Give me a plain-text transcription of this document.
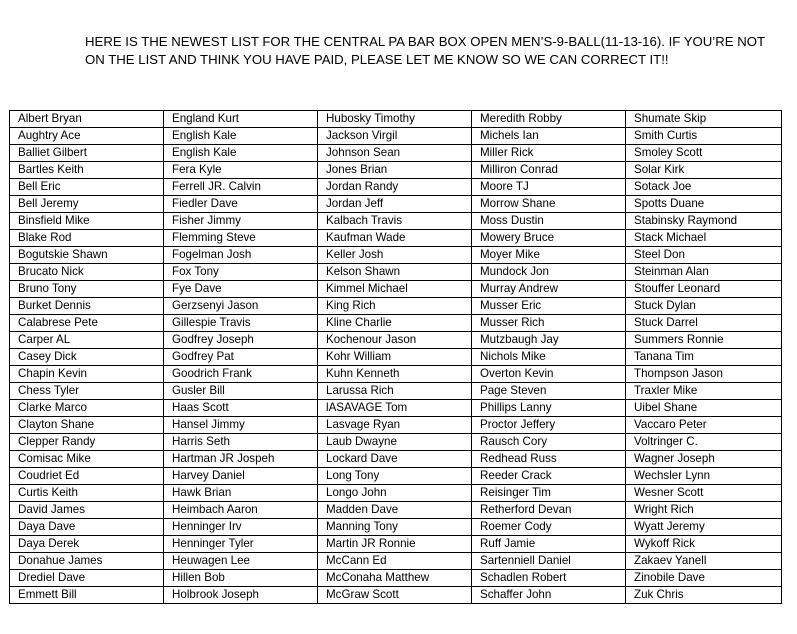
HERE IS THE NEWEST LIST FOR THE CENTRAL PA BAR BOX OPEN MEN’S-9-BALL(11-13-16). IF YOU’RE NOT
ON THE LIST AND THINK YOU HAVE PAID, PLEASE LET ME KNOW SO WE CAN CORRECT IT!!
Albert Bryan	England Kurt	Hubosky Timothy	Meredith Robby	Shumate Skip
Aughtry Ace	English Kale	Jackson Virgil	Michels Ian	Smith Curtis
Balliet Gilbert	English Kale	Johnson Sean	Miller Rick	Smoley Scott
Bartles Keith	Fera Kyle	Jones Brian	Milliron Conrad	Solar Kirk
Bell Eric	Ferrell JR. Calvin	Jordan Randy	Moore TJ	Sotack Joe
Bell Jeremy	Fiedler Dave	Jordan Jeff	Morrow Shane	Spotts Duane
Binsfield Mike	Fisher Jimmy	Kalbach Travis	Moss Dustin	Stabinsky Raymond
Blake Rod	Flemming Steve	Kaufman Wade	Mowery Bruce	Stack Michael
Bogutskie Shawn	Fogelman Josh	Keller Josh	Moyer Mike	Steel Don
Brucato Nick	Fox Tony	Kelson Shawn	Mundock Jon	Steinman Alan
Bruno Tony	Fye Dave	Kimmel Michael	Murray Andrew	Stouffer Leonard
Burket Dennis	Gerzsenyi Jason	King Rich	Musser Eric	Stuck Dylan
Calabrese Pete	Gillespie Travis	Kline Charlie	Musser Rich	Stuck Darrel
Carper AL	Godfrey Joseph	Kochenour Jason	Mutzbaugh Jay	Summers Ronnie
Casey Dick	Godfrey Pat	Kohr William	Nichols Mike	Tanana Tim
Chapin Kevin	Goodrich Frank	Kuhn Kenneth	Overton Kevin	Thompson Jason
Chess Tyler	Gusler Bill	Larussa Rich	Page Steven	Traxler Mike
Clarke Marco	Haas Scott	lASAVAGE Tom	Phillips Lanny	Uibel Shane
Clayton Shane	Hansel Jimmy	Lasvage Ryan	Proctor Jeffery	Vaccaro Peter
Clepper Randy	Harris Seth	Laub Dwayne	Rausch Cory	Voltringer C.
Comisac Mike	Hartman JR Jospeh	Lockard Dave	Redhead Russ	Wagner Joseph
Coudriet Ed	Harvey Daniel	Long Tony	Reeder Crack	Wechsler Lynn
Curtis Keith	Hawk Brian	Longo John	Reisinger Tim	Wesner Scott
David James	Heimbach Aaron	Madden Dave	Retherford Devan	Wright Rich
Daya Dave	Henninger Irv	Manning Tony	Roemer Cody	Wyatt Jeremy
Daya Derek	Henninger Tyler	Martin JR Ronnie	Ruff Jamie	Wykoff Rick
Donahue James	Heuwagen Lee	McCann Ed	Sartenniell Daniel	Zakaev Yanell
Drediel Dave	Hillen Bob	McConaha Matthew	Schadlen Robert	Zinobile Dave
Emmett Bill	Holbrook Joseph	McGraw Scott	Schaffer John	Zuk Chris
